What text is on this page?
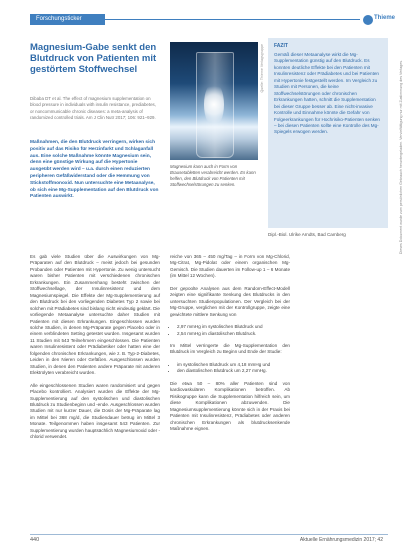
Forschungsticker	Thieme
Magnesium-Gabe senkt den Blutdruck von Patienten mit gestörtem Stoffwechsel
Dibaba DT et al. The effect of magnesium supplementation on blood pressure in individuals with insulin resistance, prediabetes, or noncommunicable chronic diseases: a meta-analysis of randomized controlled trials. Am J Clin Nutr 2017; 106: 921–929.
Maßnahmen, die den Blutdruck verringern, wirken sich positiv auf das Risiko für Herzinfarkt und Schlaganfall aus. Eine solche Maßnahme könnte Magnesium sein, denn eine günstige Wirkung auf die Hypertonie ausgeübt werden wird – u.a. durch einen reduzierten peripheren Gefäßwiderstand oder die Hemmung von Stickstoffmonoxid. Nun untersuchte eine Metaanalyse, ob sich eine Mg-Supplementation auf den Blutdruck von Patienten auswirkt.

Es gab viele Studien über die Auswirkungen von Mg-Präparaten auf den Blutdruck – meist jedoch bei gesunden Probanden oder Patienten mit Hypertonie. Zu wenig untersucht waren bisher Patienten mit verschiedenen chronischen Erkrankungen. Ein Zusammenhang besteht zwischen der Stoffwechsellage, der Insulinresistenz und dem Magnesiumspiegel. Die Effekte der Mg-Supplementierung auf den Blutdruck bei den vorliegenden Diabetes Typ 2 sowie bei solchen mit Prädiabetes sind bislang nicht eindeutig geklärt. Die vorliegende Metaanalyse untersuchte daher Studien mit Patienten mit diesen Erkrankungen. Eingeschlossen wurden solche Studien, in denen Mg-Präparate gegen Placebo oder in einem verblindeten Setting getestet wurden. Insgesamt wurden 11 Studien mit 543 Teilnehmern eingeschlossen. Die Patienten waren Insulinresistent oder Prädiabetiker oder hatten eine der folgenden chronischen Erkrankungen, wie z. B. Typ-2-Diabetes, Leiden in den Nieren oder Gefäßen. Ausgeschlossen wurden Studien, in denen den Patienten andere Präparate mit anderen Elektrolyten verabreicht wurden.

Alle eingeschlossenen Studien waren randomisiert und gegen Placebo kontrolliert. Analysiert wurden die Effekte der Mg-Supplementierung auf den systolischen und diastolischen Blutdruck zu Studienbeginn und -ende. Ausgeschlossen wurden Studien mit nur kurzer Dauer, die Dosis der Mg-Präparate lag im Mittel bei 368 mg/d, die Studiendauer betrug im Mittel 3 Monate. Teilgenommen haben insgesamt 543 Patienten. Zur Supplementierung wurden hauptsächlich Magnesiumoxid oder -chlorid verwendet.

reiche von 365 – 450 mg/Tag – in Form von Mg-Chlorid, Mg-Citrat, Mg-Pidolat oder einem organischen Mg-Gemisch. Die Studien dauerten im Follow-up 1 – 6 Monate (im Mittel 12 Wochen).

Der gepoolte Analysen aus dem Random-Effect-Modell zeigten eine signifikante Senkung des Blutdrucks in den untersuchten Studienpopulationen. Der Vergleich bei der Mg-Gruppe, verglichen mit der Kontrollgruppe, zeigte eine gewichtete mittlere Senkung von

• 2,97 mmHg im systolischen Blutdruck und
• 2,54 mmHg im diastolischen Blutdruck.

Im Mittel verringerte die Mg-Supplementation den Blutdruck im Vergleich zu Beginn und Ende der Studie:

• im systolischen Blutdruck um 4,18 mmHg und
• den diastolischen Blutdruck um 2,27 mmHg.

Die etwa 50 – 80% aller Patienten sind von kardiovaskulären Komplikationen betroffen. Ab Risikogruppe kann die Supplementation hilfreich sein, um diese Komplikationen abzuwenden. Die Magnesiumsupplementierung könnte sich in der Praxis bei Patienten mit Insulinresistenz, Prädiabetes oder anderen chronischen Erkrankungen als blutdrucksenkende Maßnahme eignen.

Quelle: Thieme Verlagsgruppe
Magnesium kann auch in Form von Brausetabletten verabreicht werden. Es kann helfen, den Blutdruck von Patienten mit Stoffwechselstörungen zu senken.
FAZIT
Gemäß dieser Metaanalyse wirkt die Mg-Supplementation günstig auf den Blutdruck. Es konnten deutliche Effekte bei den Patienten mit Insulinresistenz oder Prädiabetes und bei Patienten mit Hypertonie festgestellt werden. Im Vergleich zu Studien mit Personen, die keine Stoffwechselstörungen oder chronischen Erkrankungen hatten, schnitt die Supplementation bei dieser Gruppe besser ab. Eine nicht-invasive Kontrolle und Einnahme könnte die Gefahr von Folgeerkrankungen für Hochrisiko-Patienten senken – bei diesen Patienten sollte eine Kontrolle des Mg-Spiegels erwogen werden.
Dipl.-Biol. Ulrike Arndts, Bad Camberg	Dieses Dokument wurde zum persönlichen Gebrauch heruntergeladen. Vervielfältigung nur mit Zustimmung des Verlages.
440	Aktuelle Ernährungsmedizin 2017; 42
